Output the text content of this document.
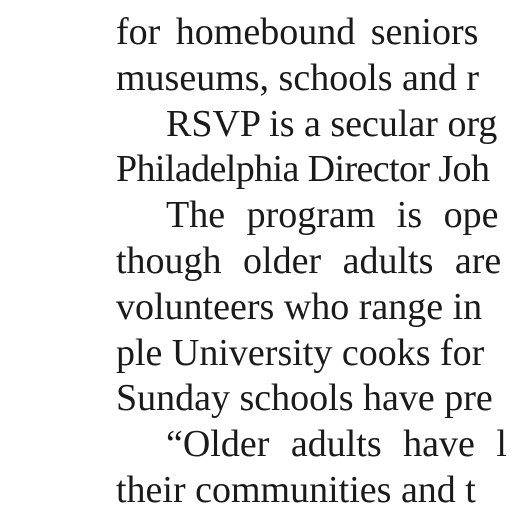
for homebound seniors
museums, schools and r
RSVP is a secular org
Philadelphia Director Joh
The program is ope
though older adults are
volunteers who range in
ple University cooks for
Sunday schools have pre
“Older adults have l
their communities and t
